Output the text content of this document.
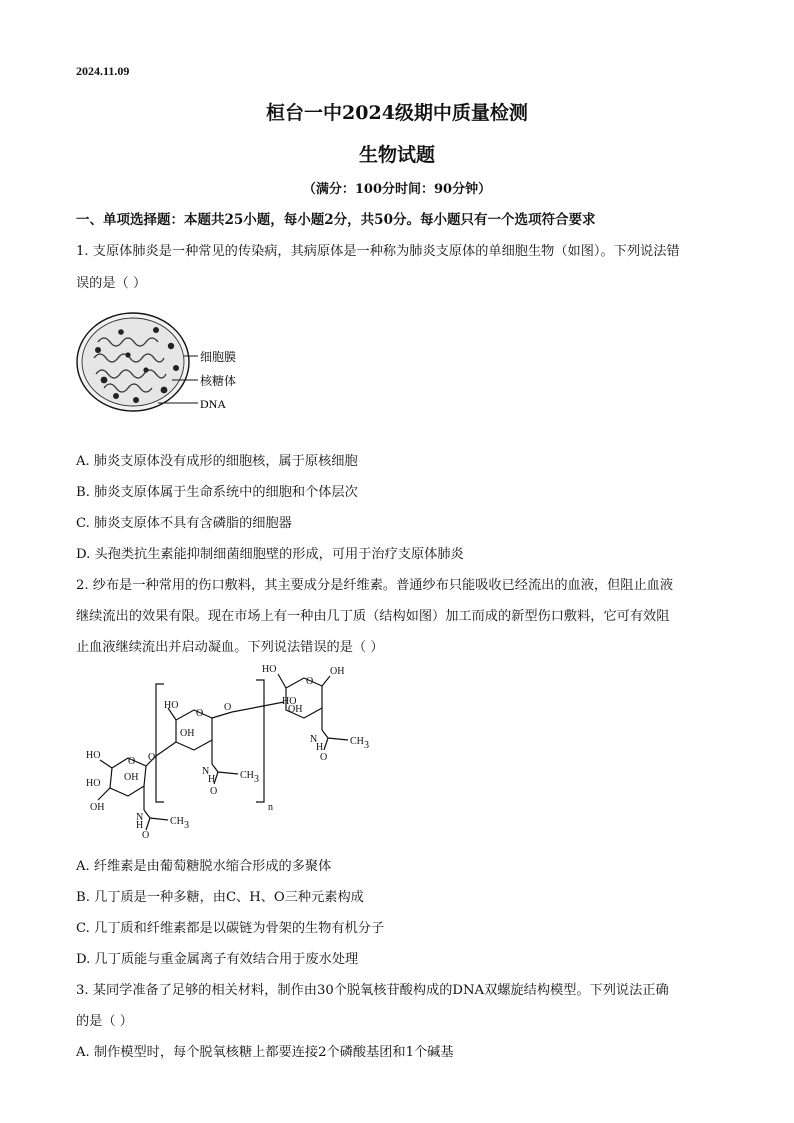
2024.11.09
桓台一中2024级期中质量检测
生物试题
（满分：100分时间：90分钟）
一、单项选择题：本题共25小题，每小题2分，共50分。每小题只有一个选项符合要求
1. 支原体肺炎是一种常见的传染病，其病原体是一种称为肺炎支原体的单细胞生物（如图）。下列说法错
误的是（ ）
细胞膜
核糖体
DNA
A. 肺炎支原体没有成形的细胞核，属于原核细胞
B. 肺炎支原体属于生命系统中的细胞和个体层次
C. 肺炎支原体不具有含磷脂的细胞器
D. 头孢类抗生素能抑制细菌细胞壁的形成，可用于治疗支原体肺炎
2. 纱布是一种常用的伤口敷料，其主要成分是纤维素。普通纱布只能吸收已经流出的血液，但阻止血液
继续流出的效果有限。现在市场上有一种由几丁质（结构如图）加工而成的新型伤口敷料，它可有效阻
止血液继续流出并启动凝血。下列说法错误的是（ ）
HO
HO
OH
OH
O O
N
H
O
CH 3
HO
OH
O
O
N
H
O
CH 3
n
HO
HO
OH
O
OH
N
H
O
CH 3
A. 纤维素是由葡萄糖脱水缩合形成的多聚体
B. 几丁质是一种多糖，由C、H、O三种元素构成
C. 几丁质和纤维素都是以碳链为骨架的生物有机分子
D. 几丁质能与重金属离子有效结合用于废水处理
3. 某同学准备了足够的相关材料，制作由30个脱氧核苷酸构成的DNA双螺旋结构模型。下列说法正确
的是（ ）
A. 制作模型时，每个脱氧核糖上都要连接2个磷酸基团和1个碱基
